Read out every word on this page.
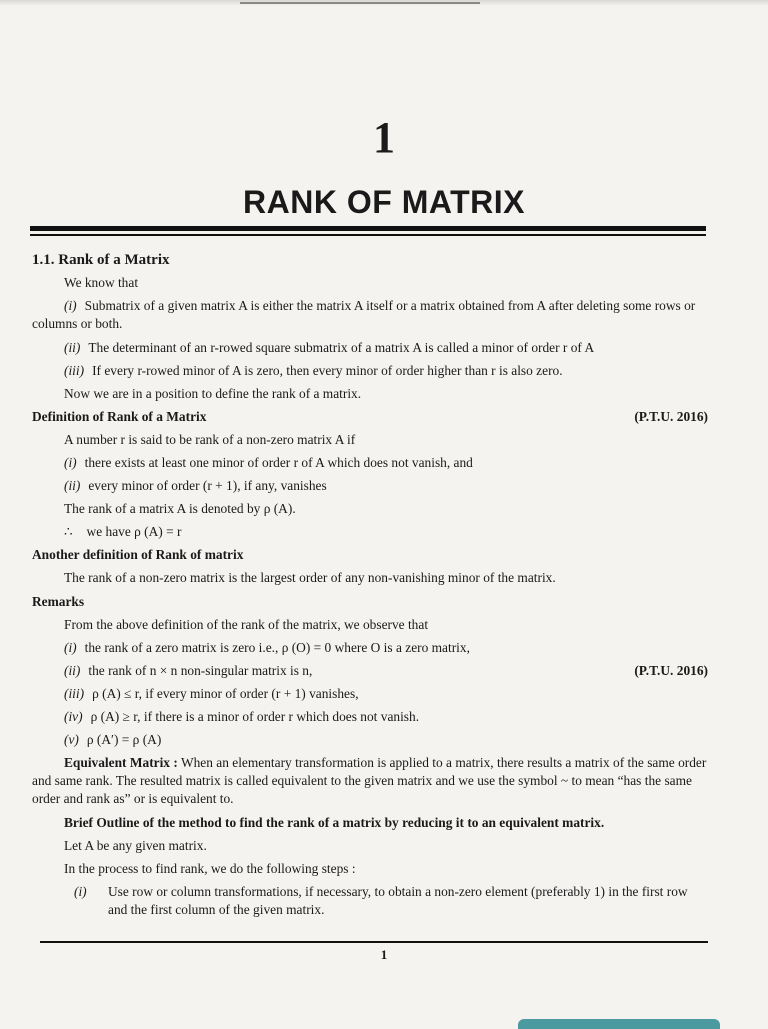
1
RANK OF MATRIX

1.1. Rank of a Matrix

We know that

(i) Submatrix of a given matrix A is either the matrix A itself or a matrix obtained from A after deleting some rows or columns or both.

(ii) The determinant of an r-rowed square submatrix of a matrix A is called a minor of order r of A

(iii) If every r-rowed minor of A is zero, then every minor of order higher than r is also zero.

Now we are in a position to define the rank of a matrix.

Definition of Rank of a Matrix	(P.T.U. 2016)

A number r is said to be rank of a non-zero matrix A if

(i) there exists at least one minor of order r of A which does not vanish, and

(ii) every minor of order (r + 1), if any, vanishes

The rank of a matrix A is denoted by ρ (A).

∴ we have ρ (A) = r

Another definition of Rank of matrix

The rank of a non-zero matrix is the largest order of any non-vanishing minor of the matrix.

Remarks

From the above definition of the rank of the matrix, we observe that

(i) the rank of a zero matrix is zero i.e., ρ (O) = 0 where O is a zero matrix,
(ii) the rank of n × n non-singular matrix is n,	(P.T.U. 2016)
(iii) ρ (A) ≤ r, if every minor of order (r + 1) vanishes,
(iv) ρ (A) ≥ r, if there is a minor of order r which does not vanish.
(v) ρ (A′) = ρ (A)

Equivalent Matrix : When an elementary transformation is applied to a matrix, there results a matrix of the same order and same rank. The resulted matrix is called equivalent to the given matrix and we use the symbol ~ to mean “has the same order and rank as” or is equivalent to.

Brief Outline of the method to find the rank of a matrix by reducing it to an equivalent matrix.

Let A be any given matrix.

In the process to find rank, we do the following steps :

(i)	Use row or column transformations, if necessary, to obtain a non-zero element (preferably 1) in the first row and the first column of the given matrix.
1
